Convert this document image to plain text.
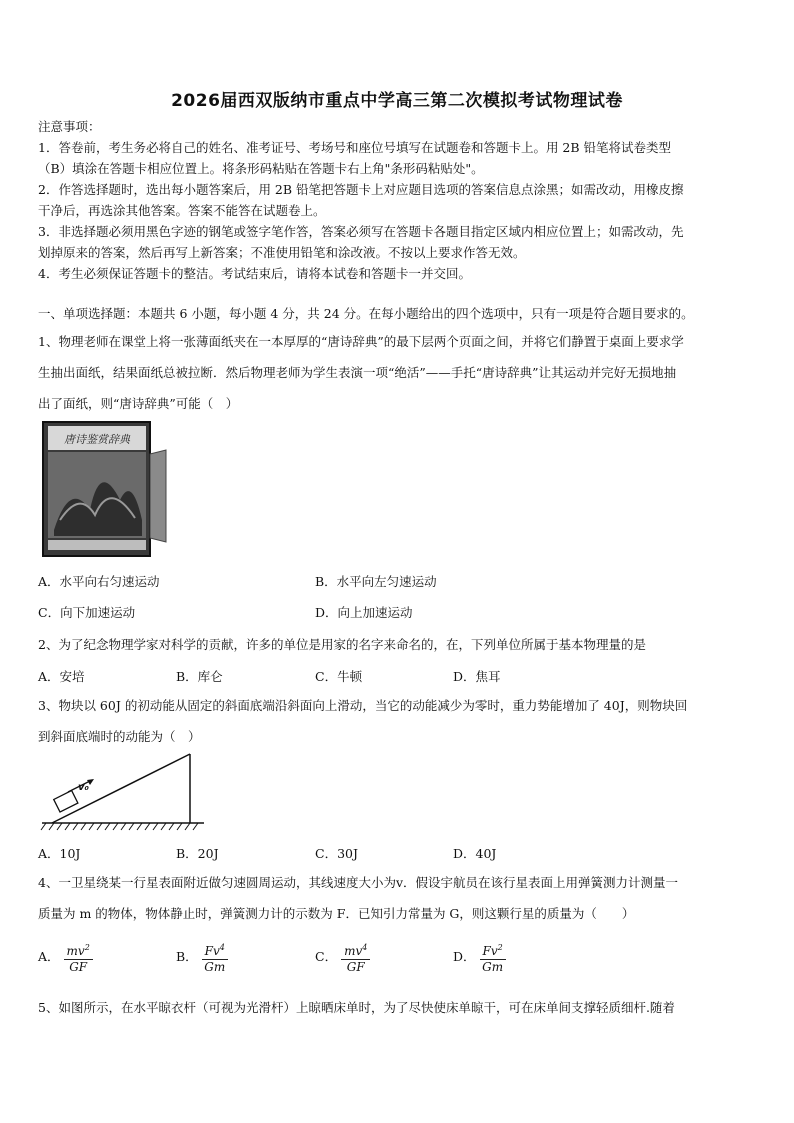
2026届西双版纳市重点中学高三第二次模拟考试物理试卷
注意事项：
1．答卷前，考生务必将自己的姓名、准考证号、考场号和座位号填写在试题卷和答题卡上。用 2B 铅笔将试卷类型
（B）填涂在答题卡相应位置上。将条形码粘贴在答题卡右上角"条形码粘贴处"。
2．作答选择题时，选出每小题答案后，用 2B 铅笔把答题卡上对应题目选项的答案信息点涂黑；如需改动，用橡皮擦
干净后，再选涂其他答案。答案不能答在试题卷上。
3．非选择题必须用黑色字迹的钢笔或签字笔作答，答案必须写在答题卡各题目指定区域内相应位置上；如需改动，先
划掉原来的答案，然后再写上新答案；不准使用铅笔和涂改液。不按以上要求作答无效。
4．考生必须保证答题卡的整洁。考试结束后，请将本试卷和答题卡一并交回。
一、单项选择题：本题共 6 小题，每小题 4 分，共 24 分。在每小题给出的四个选项中，只有一项是符合题目要求的。
1、物理老师在课堂上将一张薄面纸夹在一本厚厚的“唐诗辞典”的最下层两个页面之间，并将它们静置于桌面上要求学
生抽出面纸，结果面纸总被拉断．然后物理老师为学生表演一项“绝活”——手托“唐诗辞典”让其运动并完好无损地抽
出了面纸，则“唐诗辞典”可能（　）
唐诗鉴赏辞典
A．水平向右匀速运动	B．水平向左匀速运动
C．向下加速运动	D．向上加速运动
2、为了纪念物理学家对科学的贡献，许多的单位是用家的名字来命名的，在，下列单位所属于基本物理量的是
A．安培	B．库仑	C．牛顿	D．焦耳
3、物块以 60J 的初动能从固定的斜面底端沿斜面向上滑动，当它的动能减少为零时，重力势能增加了 40J，则物块回
到斜面底端时的动能为（　）
v₀
A．10J	B．20J	C．30J	D．40J
4、一卫星绕某一行星表面附近做匀速圆周运动，其线速度大小为v．假设宇航员在该行星表面上用弹簧测力计测量一
质量为 m 的物体，物体静止时，弹簧测力计的示数为 F．已知引力常量为 G，则这颗行星的质量为（　　）
A． $\frac{mv^2}{GF}$	B． $\frac{Fv^4}{Gm}$	C． $\frac{mv^4}{GF}$	D． $\frac{Fv^2}{Gm}$
5、如图所示，在水平晾衣杆（可视为光滑杆）上晾晒床单时，为了尽快使床单晾干，可在床单间支撑轻质细杆.随着
